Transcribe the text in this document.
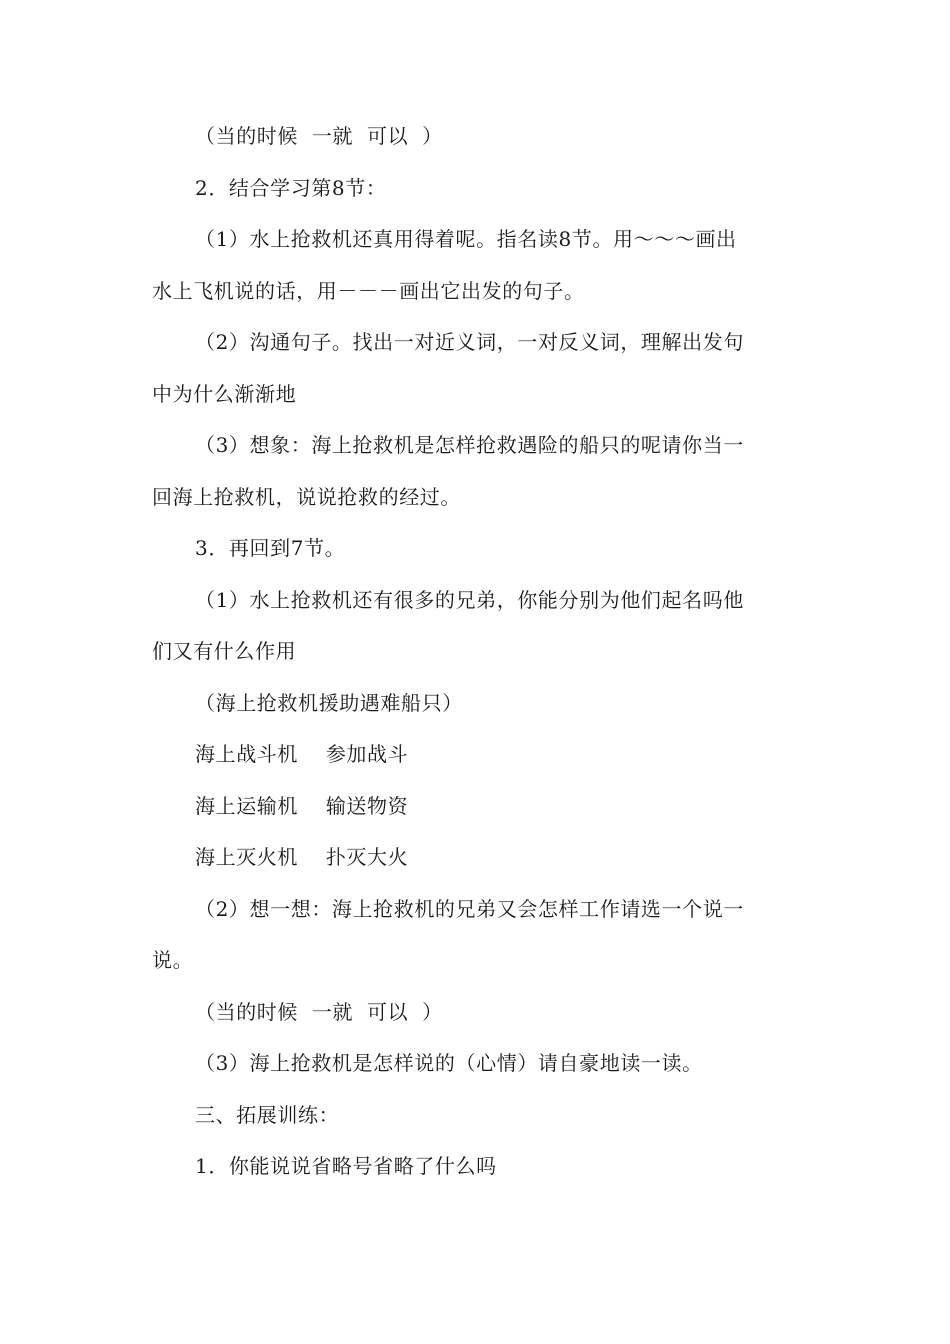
（当的时候  一就  可以  ）

2．结合学习第8节：

（1）水上抢救机还真用得着呢。指名读8节。用～～～画出

水上飞机说的话，用－－－画出它出发的句子。

（2）沟通句子。找出一对近义词，一对反义词，理解出发句

中为什么渐渐地

（3）想象：海上抢救机是怎样抢救遇险的船只的呢请你当一

回海上抢救机，说说抢救的经过。

3．再回到7节。

（1）水上抢救机还有很多的兄弟，你能分别为他们起名吗他

们又有什么作用

（海上抢救机援助遇难船只）

海上战斗机    参加战斗

海上运输机    输送物资

海上灭火机    扑灭大火

（2）想一想：海上抢救机的兄弟又会怎样工作请选一个说一

说。

（当的时候  一就  可以  ）

（3）海上抢救机是怎样说的（心情）请自豪地读一读。

三、拓展训练：

1．你能说说省略号省略了什么吗
